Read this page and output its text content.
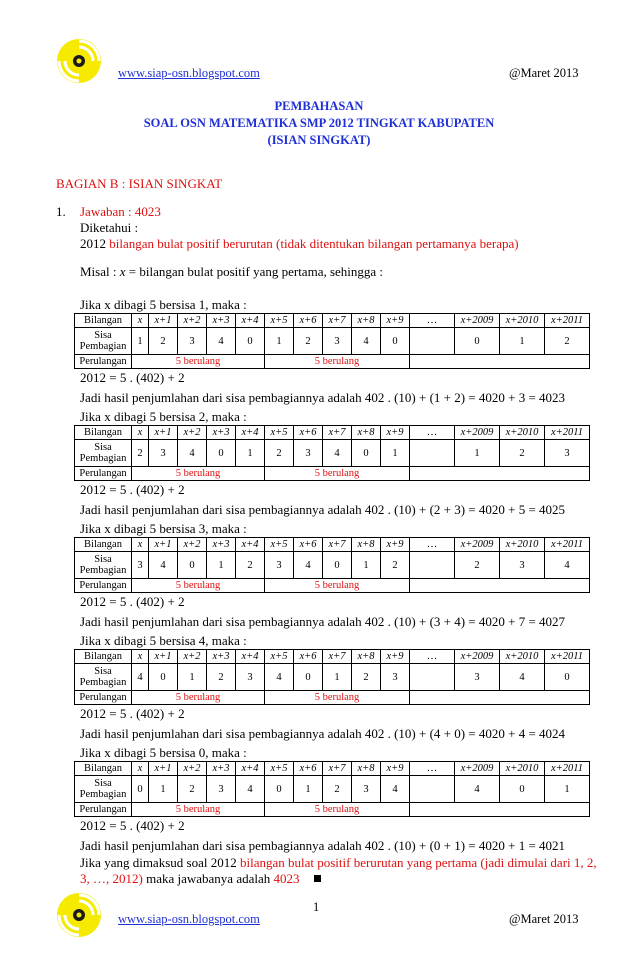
www.siap-osn.blogspot.com	@Maret 2013
PEMBAHASAN
SOAL OSN MATEMATIKA SMP 2012 TINGKAT KABUPATEN
(ISIAN SINGKAT)
BAGIAN B : ISIAN SINGKAT
1. Jawaban : 4023
Diketahui :
2012 bilangan bulat positif berurutan (tidak ditentukan bilangan pertamanya berapa)
Misal : x = bilangan bulat positif yang pertama, sehingga :
Jika x dibagi 5 bersisa 1, maka :
Bilangan	x	x+1	x+2	x+3	x+4	x+5	x+6	x+7	x+8	x+9	…	x+2009	x+2010	x+2011

Sisa
Pembagian	1	2	3	4	0	1	2	3	4	0		0	1	2
Perulangan	5 berulang					5 berulang								
2012 = 5 . (402) + 2
Jadi hasil penjumlahan dari sisa pembagiannya adalah 402 . (10) + (1 + 2) = 4020 + 3 = 4023
Jika x dibagi 5 bersisa 2, maka :
Bilangan	x	x+1	x+2	x+3	x+4	x+5	x+6	x+7	x+8	x+9	…	x+2009	x+2010	x+2011

Sisa
Pembagian	2	3	4	0	1	2	3	4	0	1		1	2	3
Perulangan	5 berulang					5 berulang								
2012 = 5 . (402) + 2
Jadi hasil penjumlahan dari sisa pembagiannya adalah 402 . (10) + (2 + 3) = 4020 + 5 = 4025
Jika x dibagi 5 bersisa 3, maka :
Bilangan	x	x+1	x+2	x+3	x+4	x+5	x+6	x+7	x+8	x+9	…	x+2009	x+2010	x+2011

Sisa
Pembagian	3	4	0	1	2	3	4	0	1	2		2	3	4
Perulangan	5 berulang					5 berulang								
2012 = 5 . (402) + 2
Jadi hasil penjumlahan dari sisa pembagiannya adalah 402 . (10) + (3 + 4) = 4020 + 7 = 4027
Jika x dibagi 5 bersisa 4, maka :
Bilangan	x	x+1	x+2	x+3	x+4	x+5	x+6	x+7	x+8	x+9	…	x+2009	x+2010	x+2011

Sisa
Pembagian	4	0	1	2	3	4	0	1	2	3		3	4	0
Perulangan	5 berulang					5 berulang								
2012 = 5 . (402) + 2
Jadi hasil penjumlahan dari sisa pembagiannya adalah 402 . (10) + (4 + 0) = 4020 + 4 = 4024
Jika x dibagi 5 bersisa 0, maka :
Bilangan	x	x+1	x+2	x+3	x+4	x+5	x+6	x+7	x+8	x+9	…	x+2009	x+2010	x+2011

Sisa
Pembagian	0	1	2	3	4	0	1	2	3	4		4	0	1
Perulangan	5 berulang					5 berulang								
2012 = 5 . (402) + 2
Jadi hasil penjumlahan dari sisa pembagiannya adalah 402 . (10) + (0 + 1) = 4020 + 1 = 4021
Jika yang dimaksud soal 2012 bilangan bulat positif berurutan yang pertama (jadi dimulai dari 1, 2,
3, …, 2012) maka jawabanya adalah 4023
1
www.siap-osn.blogspot.com	@Maret 2013
